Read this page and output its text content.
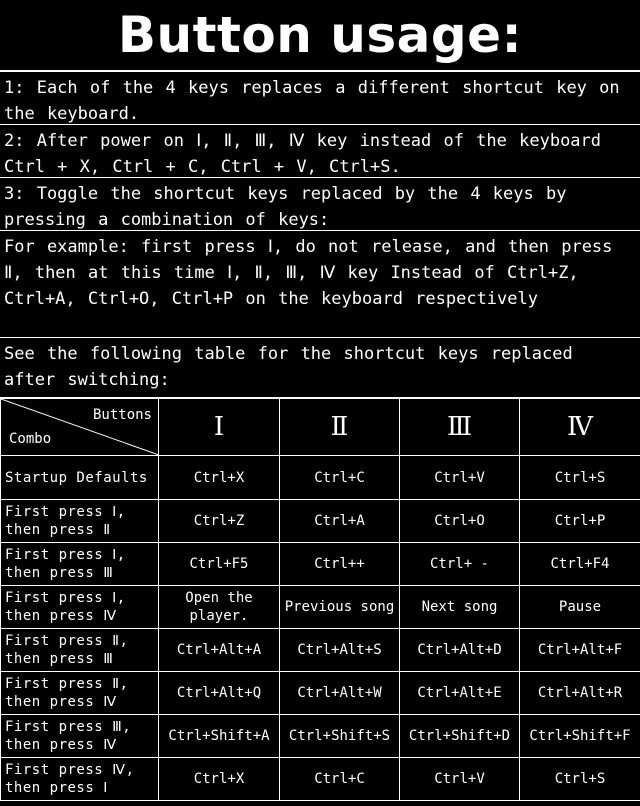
Button usage:
1: Each of the 4 keys replaces a different shortcut key on the keyboard.
2: After power on Ⅰ, Ⅱ, Ⅲ, Ⅳ key instead of the keyboard Ctrl + X, Ctrl + C, Ctrl + V, Ctrl+S.
3: Toggle the shortcut keys replaced by the 4 keys by pressing a combination of keys:
For example: first press Ⅰ, do not release, and then press Ⅱ, then at this time Ⅰ, Ⅱ, Ⅲ, Ⅳ key Instead of Ctrl+Z, Ctrl+A, Ctrl+O, Ctrl+P on the keyboard respectively
See the following table for the shortcut keys replaced after switching:
Buttons
Combo	Ⅰ	Ⅱ	Ⅲ	Ⅳ
Startup Defaults	Ctrl+X	Ctrl+C	Ctrl+V	Ctrl+S

First press Ⅰ,
then press Ⅱ	Ctrl+Z	Ctrl+A	Ctrl+O	Ctrl+P

First press Ⅰ,
then press Ⅲ	Ctrl+F5	Ctrl++	Ctrl+ -	Ctrl+F4

First press Ⅰ,
then press Ⅳ	Open the player.	Previous song	Next song	Pause

First press Ⅱ,
then press Ⅲ	Ctrl+Alt+A	Ctrl+Alt+S	Ctrl+Alt+D	Ctrl+Alt+F

First press Ⅱ,
then press Ⅳ	Ctrl+Alt+Q	Ctrl+Alt+W	Ctrl+Alt+E	Ctrl+Alt+R

First press Ⅲ,
then press Ⅳ	Ctrl+Shift+A	Ctrl+Shift+S	Ctrl+Shift+D	Ctrl+Shift+F

First press Ⅳ,
then press Ⅰ	Ctrl+X	Ctrl+C	Ctrl+V	Ctrl+S
